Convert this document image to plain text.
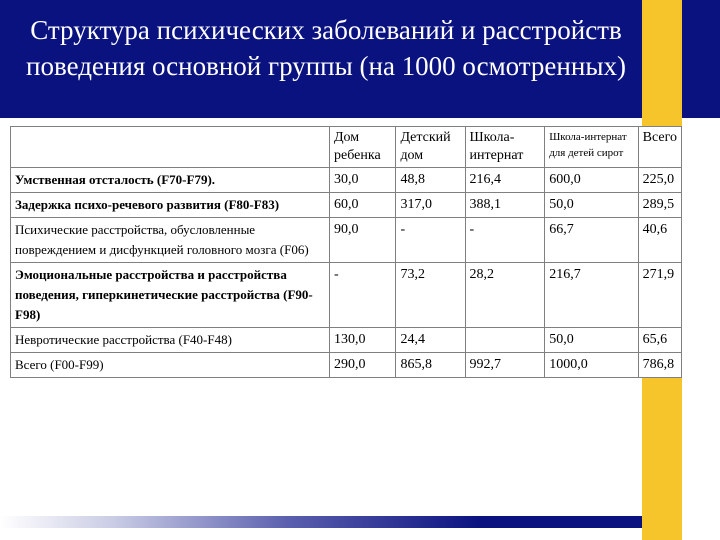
Структура психических заболеваний и расстройств поведения основной группы (на 1000 осмотренных)
	Дом ребенка	Детский дом	Школа-интернат	Школа-интернат для детей сирот	Всего
Умственная отсталость (F70-F79).	30,0	48,8	216,4	600,0	225,0
Задержка психо-речевого развития (F80-F83)	60,0	317,0	388,1	50,0	289,5
Психические расстройства, обусловленные повреждением и дисфункцией головного мозга (F06)	90,0	-	-	66,7	40,6
Эмоциональные расстройства и расстройства поведения, гиперкинетические расстройства (F90-F98)	-	73,2	28,2	216,7	271,9
Невротические расстройства (F40-F48)	130,0	24,4		50,0	65,6
Всего (F00-F99)	290,0	865,8	992,7	1000,0	786,8
